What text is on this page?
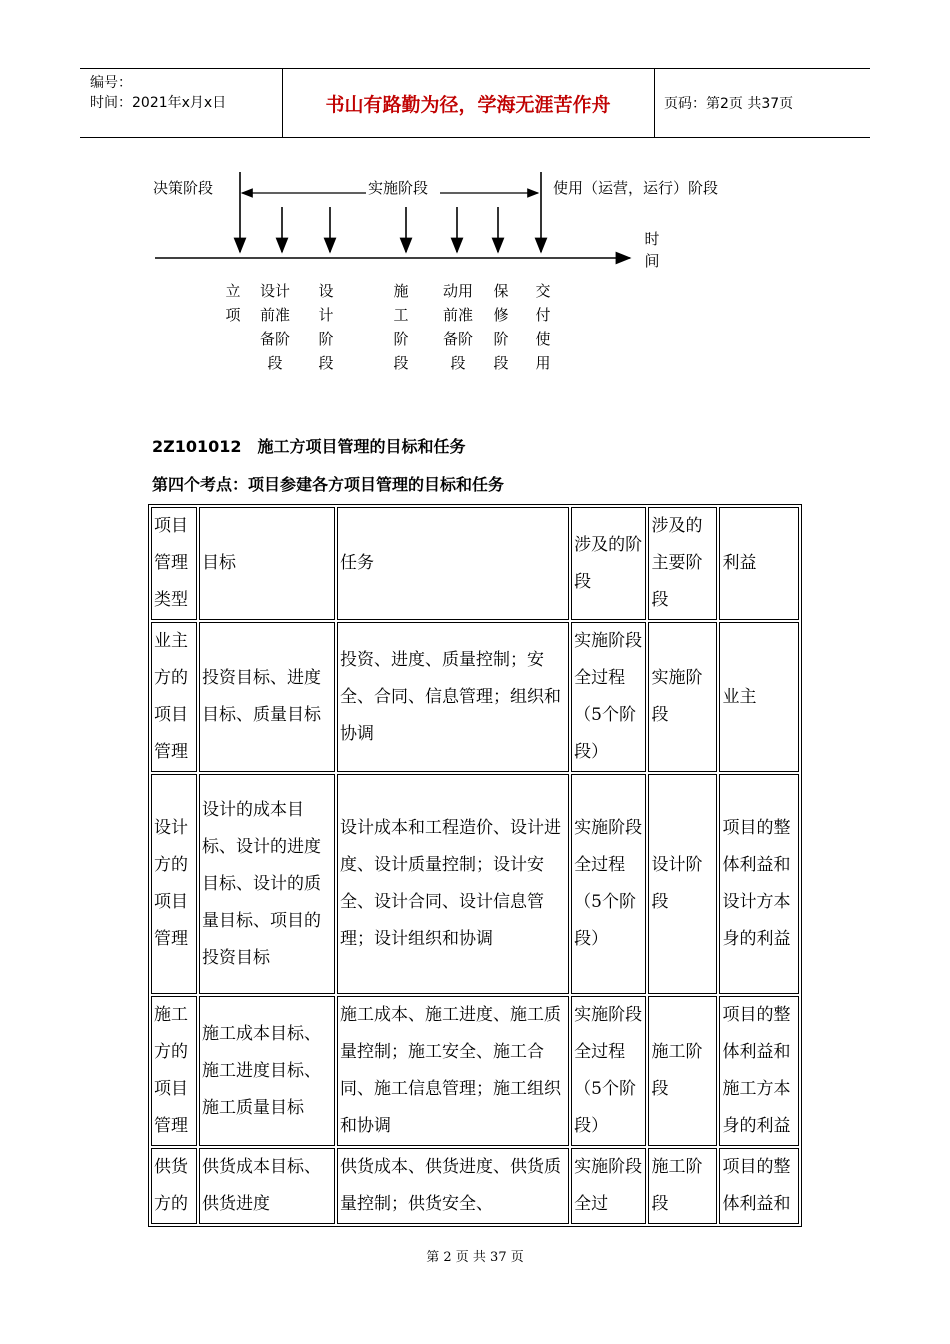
编号：
时间：2021年x月x日	书山有路勤为径，学海无涯苦作舟	页码：第2页 共37页
决策阶段	实施阶段	使用（运营，运行）阶段
时间
立项
设计前准备阶段
设计阶段
施工阶段
动用前准备阶段
保修阶段
交付使用
2Z101012　施工方项目管理的目标和任务
第四个考点：项目参建各方项目管理的目标和任务
项目管理类型	目标	任务	涉及的阶段	涉及的主要阶段	利益
业主方的项目管理	投资目标、进度目标、质量目标	投资、进度、质量控制；安全、合同、信息管理；组织和协调	实施阶段全过程（5个阶段）	实施阶段	业主
设计方的项目管理	设计的成本目标、设计的进度目标、设计的质量目标、项目的投资目标	设计成本和工程造价、设计进度、设计质量控制；设计安全、设计合同、设计信息管理；设计组织和协调	实施阶段全过程（5个阶段）	设计阶段	项目的整体利益和设计方本身的利益
施工方的项目管理	施工成本目标、施工进度目标、施工质量目标	施工成本、施工进度、施工质量控制；施工安全、施工合同、施工信息管理；施工组织和协调	实施阶段全过程（5个阶段）	施工阶段	项目的整体利益和施工方本身的利益
供货方的	供货成本目标、供货进度	供货成本、供货进度、供货质量控制；供货安全、	实施阶段全过	施工阶段	项目的整体利益和
第 2 页 共 37 页
